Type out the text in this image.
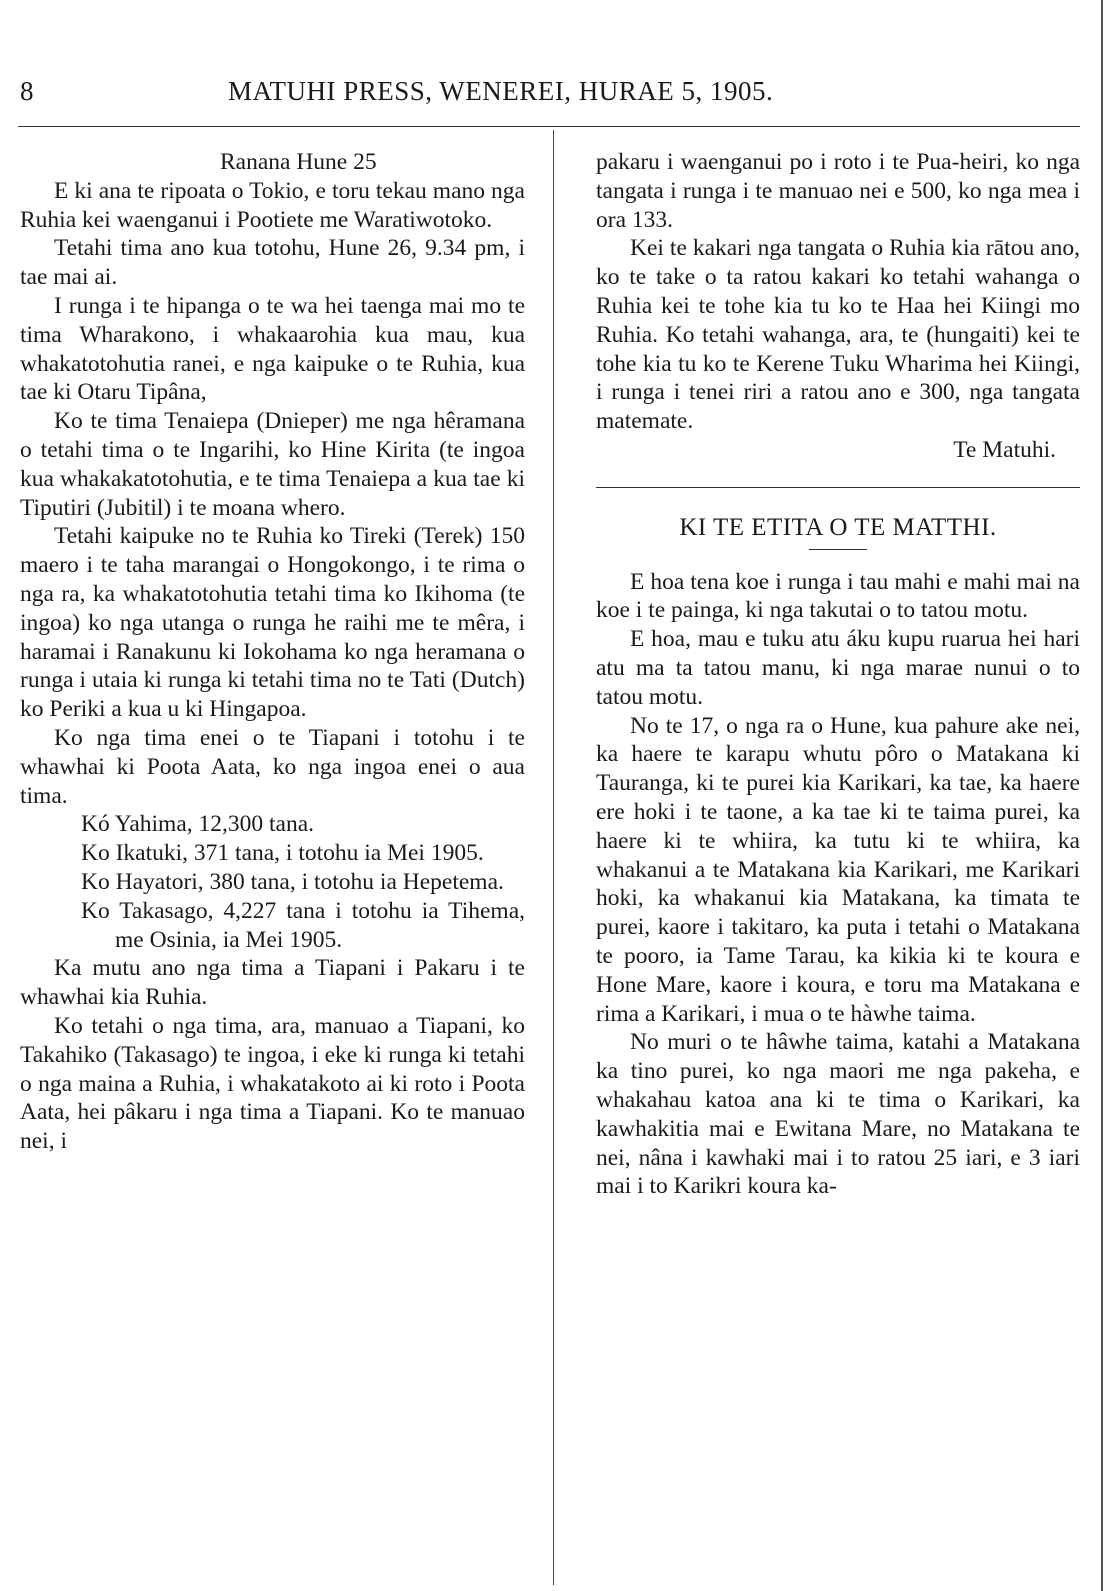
8	MATUHI PRESS, WENEREI, HURAE 5, 1905.

Ranana Hune 25

E ki ana te ripoata o Tokio, e toru tekau mano nga Ruhia kei waenganui i Pootiete me Waratiwotoko.

Tetahi tima ano kua totohu, Hune 26, 9.34 pm, i tae mai ai.

I runga i te hipanga o te wa hei taenga mai mo te tima Wharakono, i whakaarohia kua mau, kua whakatotohutia ranei, e nga kaipuke o te Ruhia, kua tae ki Otaru Tipâna,

Ko te tima Tenaiepa (Dnieper) me nga hêramana o tetahi tima o te Ingarihi, ko Hine Kirita (te ingoa kua whakakatotohutia, e te tima Tenaiepa a kua tae ki Tiputiri (Jubitil) i te moana whero.

Tetahi kaipuke no te Ruhia ko Tireki (Terek) 150 maero i te taha marangai o Hongokongo, i te rima o nga ra, ka whakatotohutia tetahi tima ko Ikihoma (te ingoa) ko nga utanga o runga he raihi me te mêra, i haramai i Ranakunu ki Iokohama ko nga heramana o runga i utaia ki runga ki tetahi tima no te Tati (Dutch) ko Periki a kua u ki Hingapoa.

Ko nga tima enei o te Tiapani i totohu i te whawhai ki Poota Aata, ko nga ingoa enei o aua tima.

Kó Yahima, 12,300 tana.

Ko Ikatuki, 371 tana, i totohu ia Mei 1905.

Ko Hayatori, 380 tana, i totohu ia Hepetema.

Ko Takasago, 4,227 tana i totohu ia Tihema, me Osinia, ia Mei 1905.

Ka mutu ano nga tima a Tiapani i Pakaru i te whawhai kia Ruhia.

Ko tetahi o nga tima, ara, manuao a Tiapani, ko Takahiko (Takasago) te ingoa, i eke ki runga ki tetahi o nga maina a Ruhia, i whakatakoto ai ki roto i Poota Aata, hei pâkaru i nga tima a Tiapani. Ko te manuao nei, i

pakaru i waenganui po i roto i te Pua-heiri, ko nga tangata i runga i te manuao nei e 500, ko nga mea i ora 133.

Kei te kakari nga tangata o Ruhia kia rātou ano, ko te take o ta ratou kakari ko tetahi wahanga o Ruhia kei te tohe kia tu ko te Haa hei Kiingi mo Ruhia. Ko tetahi wahanga, ara, te (hungaiti) kei te tohe kia tu ko te Kerene Tuku Wharima hei Kiingi, i runga i tenei riri a ratou ano e 300, nga tangata matemate.

Te Matuhi.

KI TE ETITA O TE MATTHI.

E hoa tena koe i runga i tau mahi e mahi mai na koe i te painga, ki nga takutai o to tatou motu.

E hoa, mau e tuku atu áku kupu ruarua hei hari atu ma ta tatou manu, ki nga marae nunui o to tatou motu.

No te 17, o nga ra o Hune, kua pahure ake nei, ka haere te karapu whutu pôro o Matakana ki Tauranga, ki te purei kia Karikari, ka tae, ka haere ere hoki i te taone, a ka tae ki te taima purei, ka haere ki te whiira, ka tutu ki te whiira, ka whakanui a te Matakana kia Karikari, me Karikari hoki, ka whakanui kia Matakana, ka timata te purei, kaore i takitaro, ka puta i tetahi o Matakana te pooro, ia Tame Tarau, ka kikia ki te koura e Hone Mare, kaore i koura, e toru ma Matakana e rima a Karikari, i mua o te hàwhe taima.

No muri o te hâwhe taima, katahi a Matakana ka tino purei, ko nga maori me nga pakeha, e whakahau katoa ana ki te tima o Karikari, ka kawhakitia mai e Ewitana Mare, no Matakana te nei, nâna i kawhaki mai i to ratou 25 iari, e 3 iari mai i to Karikri koura ka-
